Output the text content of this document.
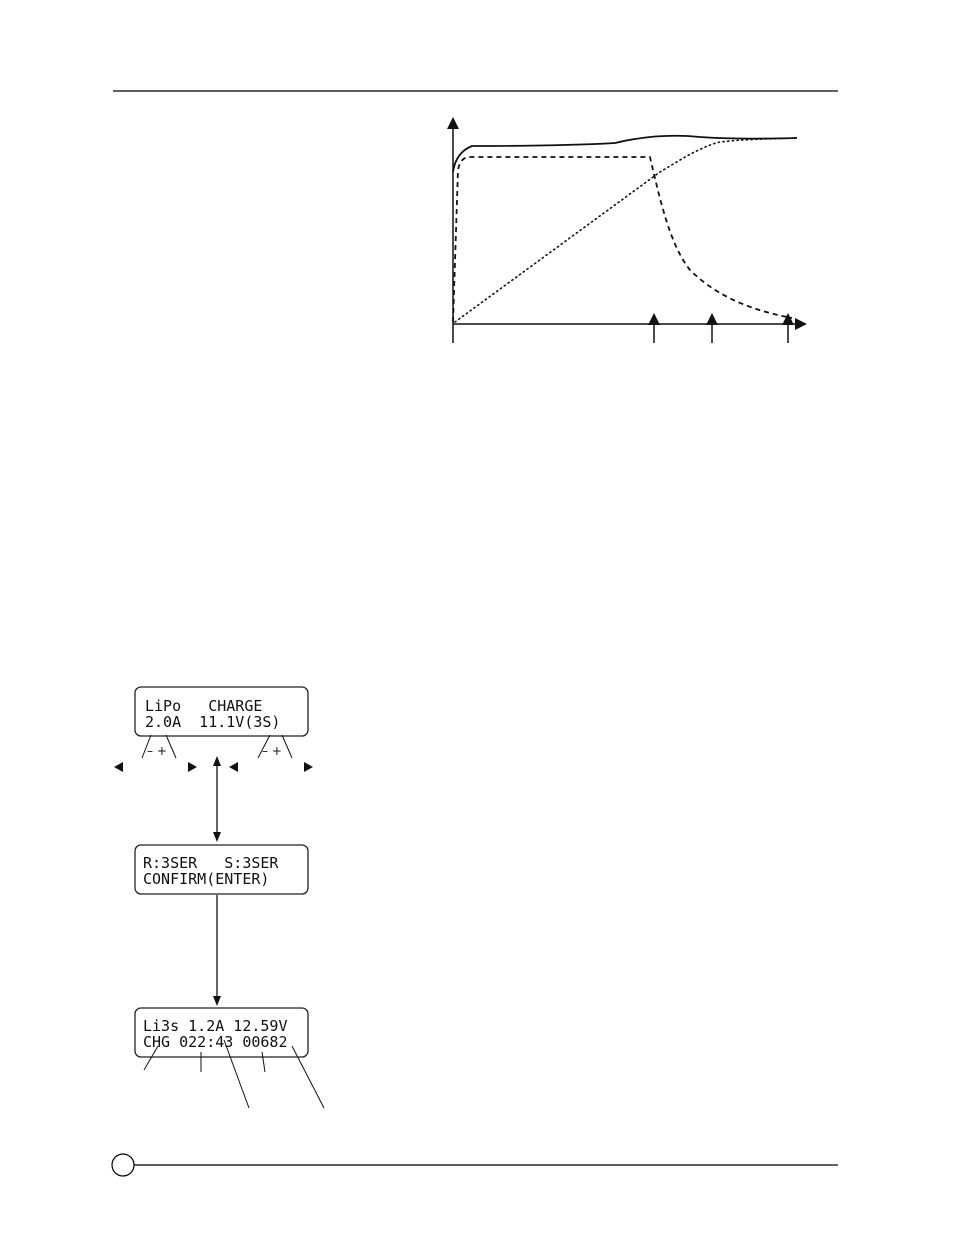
LiPo   CHARGE
2.0A  11.1V(3S)
– +	– +
R:3SER   S:3SER
CONFIRM(ENTER)
Li3s 1.2A 12.59V
CHG 022:43 00682
